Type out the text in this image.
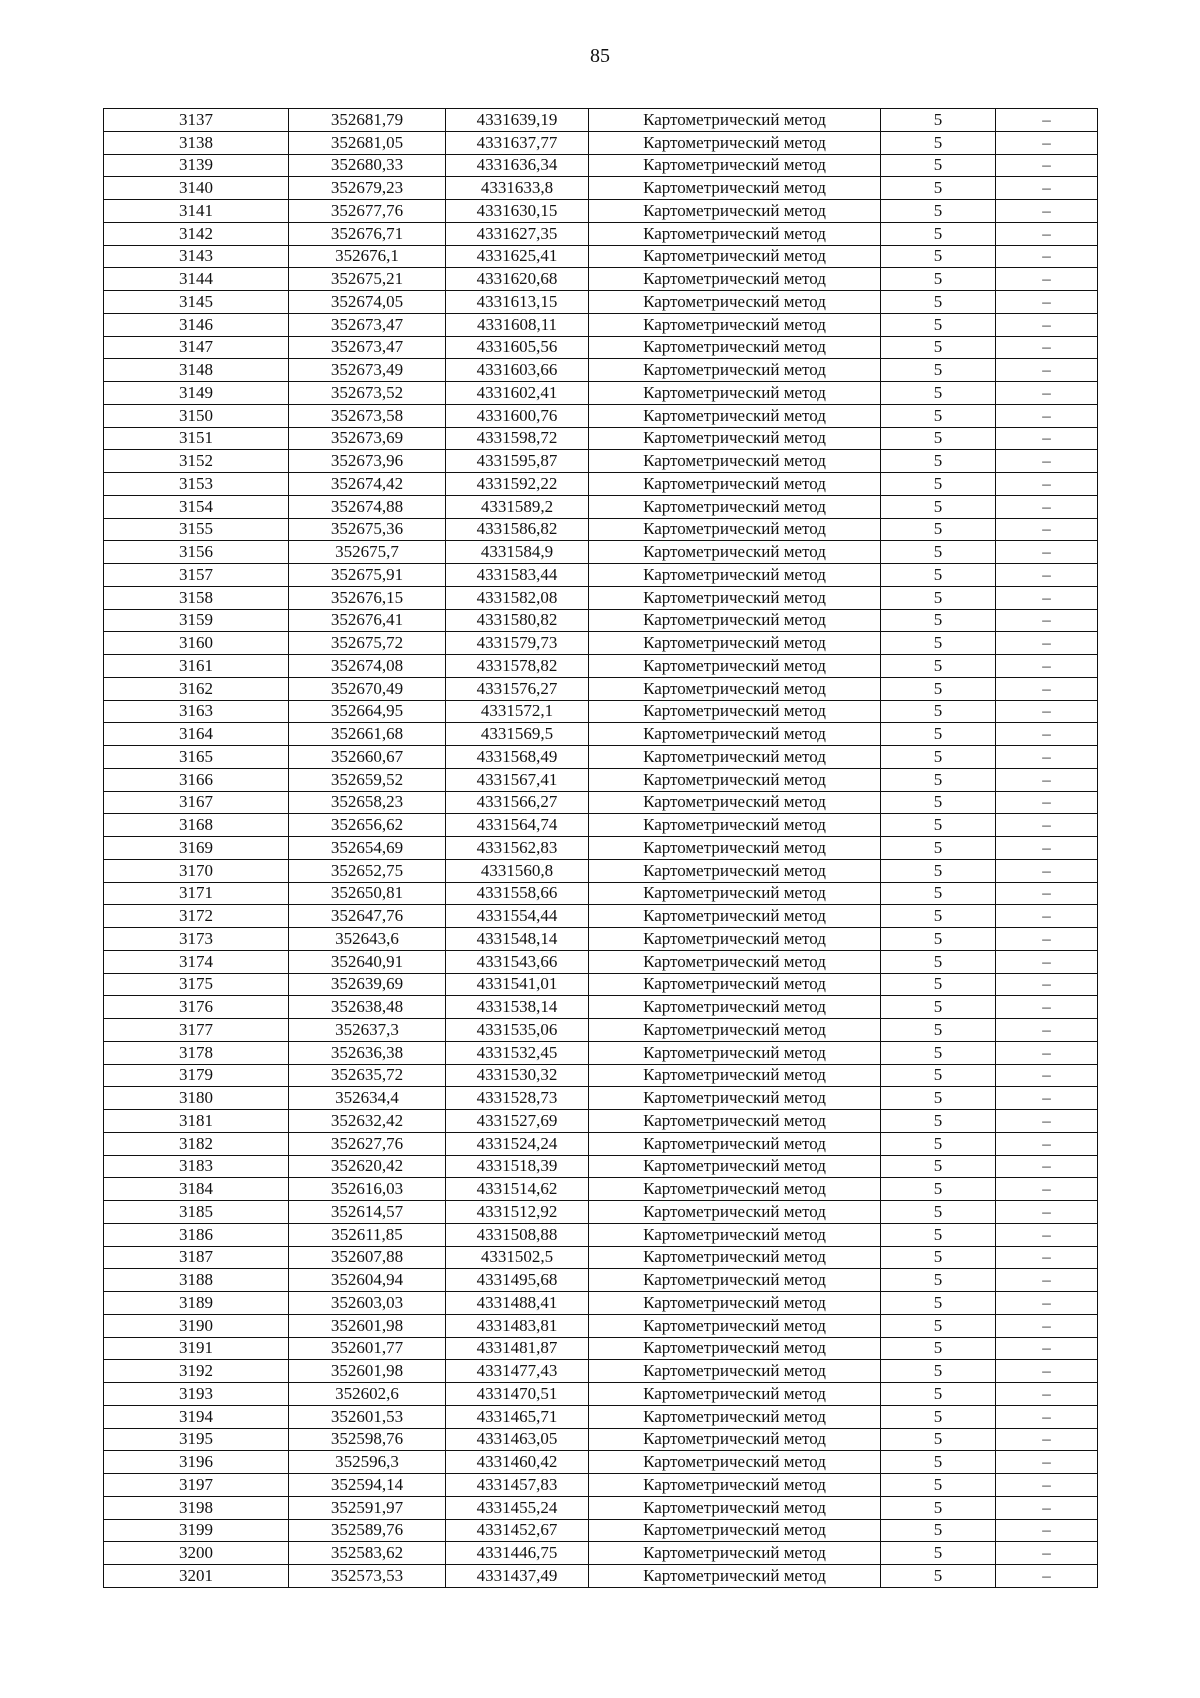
85
3137	352681,79	4331639,19	Картометрический метод	5	–
3138	352681,05	4331637,77	Картометрический метод	5	–
3139	352680,33	4331636,34	Картометрический метод	5	–
3140	352679,23	4331633,8	Картометрический метод	5	–
3141	352677,76	4331630,15	Картометрический метод	5	–
3142	352676,71	4331627,35	Картометрический метод	5	–
3143	352676,1	4331625,41	Картометрический метод	5	–
3144	352675,21	4331620,68	Картометрический метод	5	–
3145	352674,05	4331613,15	Картометрический метод	5	–
3146	352673,47	4331608,11	Картометрический метод	5	–
3147	352673,47	4331605,56	Картометрический метод	5	–
3148	352673,49	4331603,66	Картометрический метод	5	–
3149	352673,52	4331602,41	Картометрический метод	5	–
3150	352673,58	4331600,76	Картометрический метод	5	–
3151	352673,69	4331598,72	Картометрический метод	5	–
3152	352673,96	4331595,87	Картометрический метод	5	–
3153	352674,42	4331592,22	Картометрический метод	5	–
3154	352674,88	4331589,2	Картометрический метод	5	–
3155	352675,36	4331586,82	Картометрический метод	5	–
3156	352675,7	4331584,9	Картометрический метод	5	–
3157	352675,91	4331583,44	Картометрический метод	5	–
3158	352676,15	4331582,08	Картометрический метод	5	–
3159	352676,41	4331580,82	Картометрический метод	5	–
3160	352675,72	4331579,73	Картометрический метод	5	–
3161	352674,08	4331578,82	Картометрический метод	5	–
3162	352670,49	4331576,27	Картометрический метод	5	–
3163	352664,95	4331572,1	Картометрический метод	5	–
3164	352661,68	4331569,5	Картометрический метод	5	–
3165	352660,67	4331568,49	Картометрический метод	5	–
3166	352659,52	4331567,41	Картометрический метод	5	–
3167	352658,23	4331566,27	Картометрический метод	5	–
3168	352656,62	4331564,74	Картометрический метод	5	–
3169	352654,69	4331562,83	Картометрический метод	5	–
3170	352652,75	4331560,8	Картометрический метод	5	–
3171	352650,81	4331558,66	Картометрический метод	5	–
3172	352647,76	4331554,44	Картометрический метод	5	–
3173	352643,6	4331548,14	Картометрический метод	5	–
3174	352640,91	4331543,66	Картометрический метод	5	–
3175	352639,69	4331541,01	Картометрический метод	5	–
3176	352638,48	4331538,14	Картометрический метод	5	–
3177	352637,3	4331535,06	Картометрический метод	5	–
3178	352636,38	4331532,45	Картометрический метод	5	–
3179	352635,72	4331530,32	Картометрический метод	5	–
3180	352634,4	4331528,73	Картометрический метод	5	–
3181	352632,42	4331527,69	Картометрический метод	5	–
3182	352627,76	4331524,24	Картометрический метод	5	–
3183	352620,42	4331518,39	Картометрический метод	5	–
3184	352616,03	4331514,62	Картометрический метод	5	–
3185	352614,57	4331512,92	Картометрический метод	5	–
3186	352611,85	4331508,88	Картометрический метод	5	–
3187	352607,88	4331502,5	Картометрический метод	5	–
3188	352604,94	4331495,68	Картометрический метод	5	–
3189	352603,03	4331488,41	Картометрический метод	5	–
3190	352601,98	4331483,81	Картометрический метод	5	–
3191	352601,77	4331481,87	Картометрический метод	5	–
3192	352601,98	4331477,43	Картометрический метод	5	–
3193	352602,6	4331470,51	Картометрический метод	5	–
3194	352601,53	4331465,71	Картометрический метод	5	–
3195	352598,76	4331463,05	Картометрический метод	5	–
3196	352596,3	4331460,42	Картометрический метод	5	–
3197	352594,14	4331457,83	Картометрический метод	5	–
3198	352591,97	4331455,24	Картометрический метод	5	–
3199	352589,76	4331452,67	Картометрический метод	5	–
3200	352583,62	4331446,75	Картометрический метод	5	–
3201	352573,53	4331437,49	Картометрический метод	5	–
